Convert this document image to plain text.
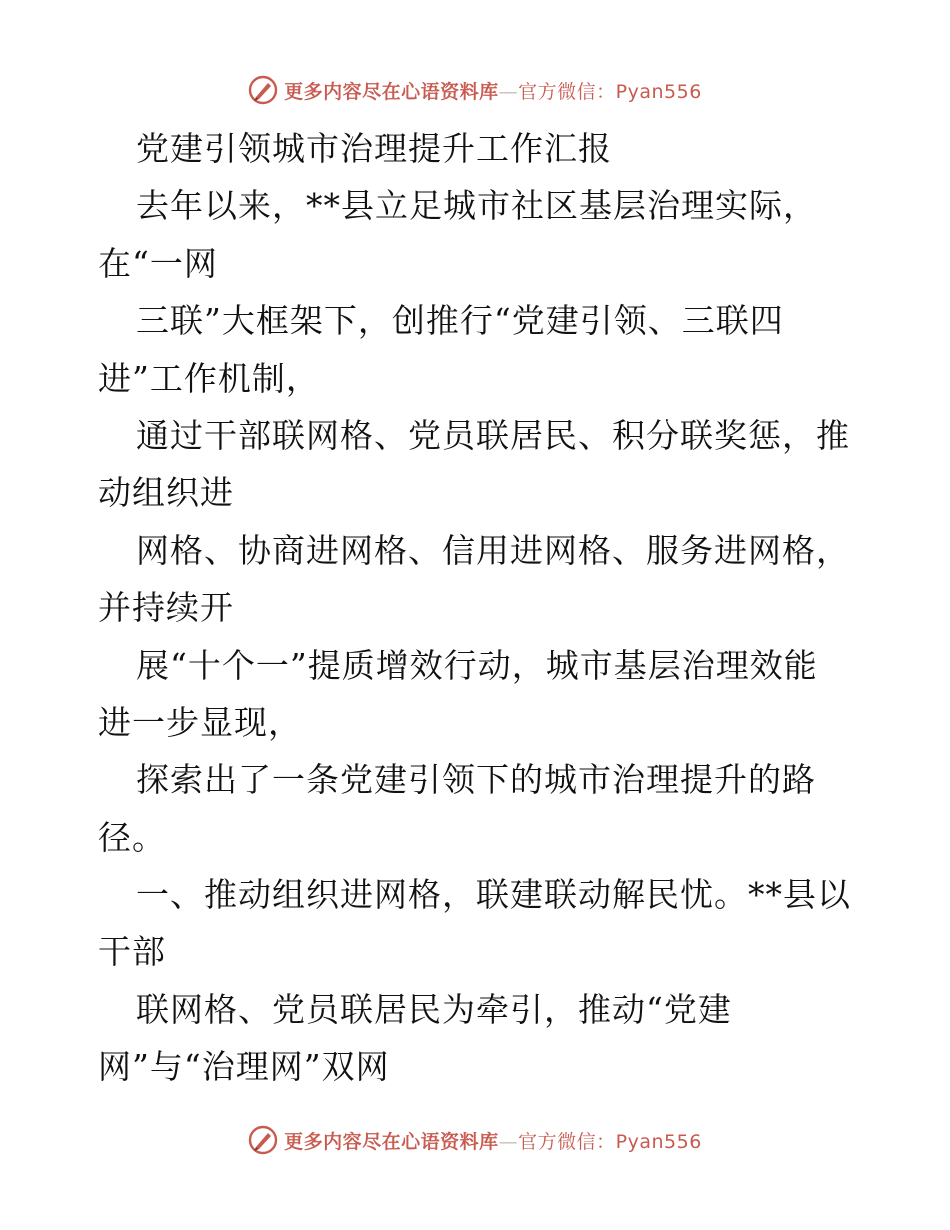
更多内容尽在心语资料库—官方微信：Pyan556
党建引领城市治理提升工作汇报
去年以来，**县立足城市社区基层治理实际，
在“一网
三联”大框架下，创推行“党建引领、三联四
进”工作机制，
通过干部联网格、党员联居民、积分联奖惩，推
动组织进
网格、协商进网格、信用进网格、服务进网格，
并持续开
展“十个一”提质增效行动，城市基层治理效能
进一步显现，
探索出了一条党建引领下的城市治理提升的路
径。
一、推动组织进网格，联建联动解民忧。**县以
干部
联网格、党员联居民为牵引，推动“党建
网”与“治理网”双网
更多内容尽在心语资料库—官方微信：Pyan556
